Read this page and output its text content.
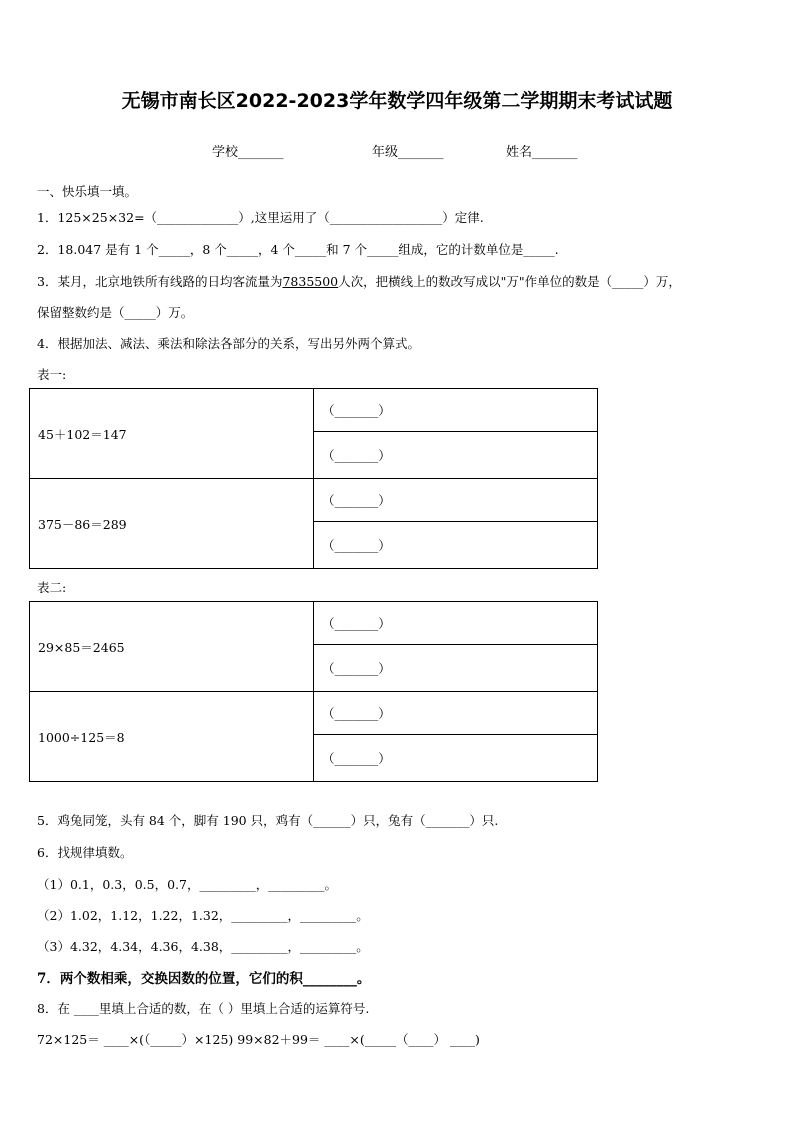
无锡市南长区2022-2023学年数学四年级第二学期期末考试试题
学校_______	年级_______	姓名_______
一、快乐填一填。
1．125×25×32=（_____________）,这里运用了（__________________）定律.
2．18.047 是有 1 个_____，8 个_____，4 个_____和 7 个_____组成，它的计数单位是_____.
3．某月，北京地铁所有线路的日均客流量为7835500人次，把横线上的数改写成以"万"作单位的数是（_____）万，
保留整数约是（_____）万。
4．根据加法、减法、乘法和除法各部分的关系，写出另外两个算式。
表一:
45＋102＝147	（_______）
	（_______）
375－86＝289	（_______）
	（_______）
表二:
29×85＝2465	（_______）
	（_______）
1000÷125＝8	（_______）
	（_______）
5．鸡兔同笼，头有 84 个，脚有 190 只，鸡有（______）只，兔有（_______）只.
6．找规律填数。
（1）0.1，0.3，0.5，0.7，_________，_________。
（2）1.02，1.12，1.22，1.32，_________，_________。
（3）4.32，4.34，4.36，4.38，_________，_________。
7．两个数相乘，交换因数的位置，它们的积________。
8．在 ____里填上合适的数，在（ ）里填上合适的运算符号.
72×125＝ ____×(（_____）×125) 99×82＋99＝ ____×(_____（____） ____)
